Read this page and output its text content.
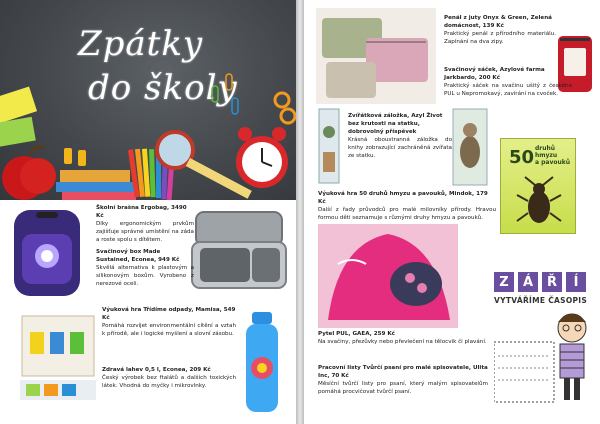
Zpátky
do školy
Školní brašna Ergobag, 3490 Kč
Díky ergonomickým prvkům zajišťuje správné umístění na záda a roste spolu s dítětem.
Svačinový box Made Sustained, Econea, 949 Kč
Skvělá alternativa k plastovým a silikonovým boxům. Vyrobeno z nerezové oceli.
Výuková hra Třídíme odpady, Mamisa, 549 Kč
Pomáhá rozvíjet environmentální cítění a vztah k přírodě, ale i logické myšlení a slovní zásobu.
Zdravá lahev 0,5 l, Econea, 209 Kč
Český výrobek bez ftalátů a dalších toxických látek. Vhodná do myčky i mikrovlnky.
Penál z juty Onyx & Green, Zelená domácnost, 139 Kč
Praktický penál z přírodního materiálu. Zapínání na dva zipy.
Svačinový sáček, Azylové farma Jarkbardo, 200 Kč
Praktický sáček na svačinu ušitý z českého PUL u Nepromokavý, zavírání na cvoček.
Zvířátková záložka, Azyl Život bez krutosti na statku, dobrovolný příspěvek
Krásná oboustranná záložka do knihy zobrazující zachráněná zvířata ze statku.	50 druhů
hmyzu
a pavouků
Výuková hra 50 druhů hmyzu a pavouků, Mindok, 179 Kč
Další z řady průvodců pro malé milovníky přírody. Hravou formou děti seznamuje s různými druhy hmyzu a pavouků.
Pytel PUL, GAEA, 259 Kč
Na svačiny, přezůvky nebo převlečení na tělocvik či plavání.
Pracovní listy Tvůrčí psaní pro malé spisovatele, Ulita Inc, 70 Kč
Měsíční tvůrčí listy pro psaní, který malým spisovatelům pomáhá procvičovat tvůrčí psaní.
Z	Á	Ř	Í
VYTVÁŘÍME ČASOPIS
